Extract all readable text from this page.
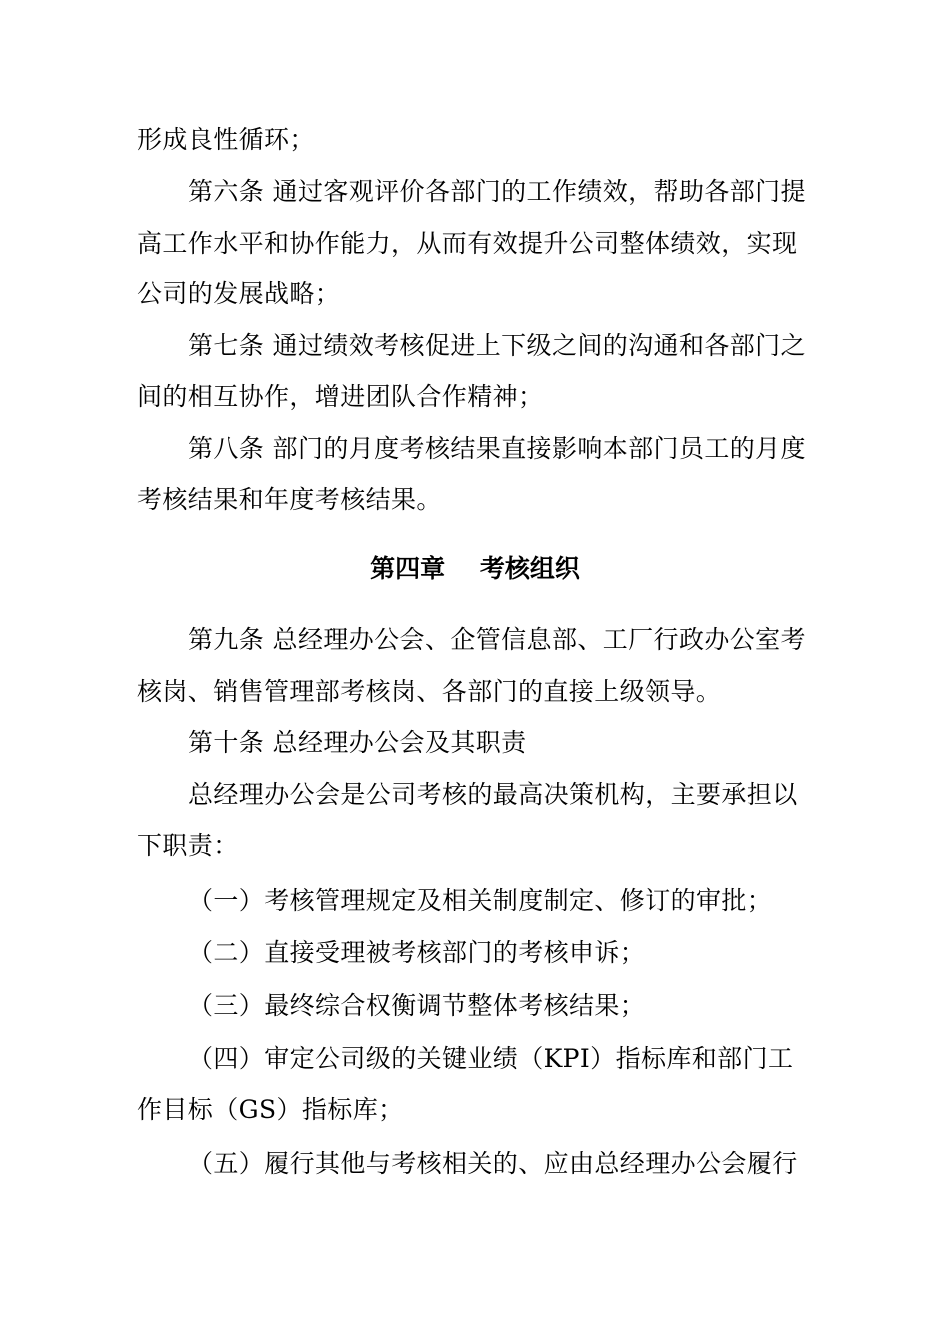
形成良性循环；
第六条 通过客观评价各部门的工作绩效，帮助各部门提
高工作水平和协作能力，从而有效提升公司整体绩效，实现
公司的发展战略；
第七条 通过绩效考核促进上下级之间的沟通和各部门之
间的相互协作，增进团队合作精神；
第八条 部门的月度考核结果直接影响本部门员工的月度
考核结果和年度考核结果。
第四章    考核组织
第九条 总经理办公会、企管信息部、工厂行政办公室考
核岗、销售管理部考核岗、各部门的直接上级领导。
第十条 总经理办公会及其职责
总经理办公会是公司考核的最高决策机构，主要承担以
下职责：
（一）考核管理规定及相关制度制定、修订的审批；
（二）直接受理被考核部门的考核申诉；
（三）最终综合权衡调节整体考核结果；
（四）审定公司级的关键业绩（KPI）指标库和部门工
作目标（GS）指标库；
（五）履行其他与考核相关的、应由总经理办公会履行
